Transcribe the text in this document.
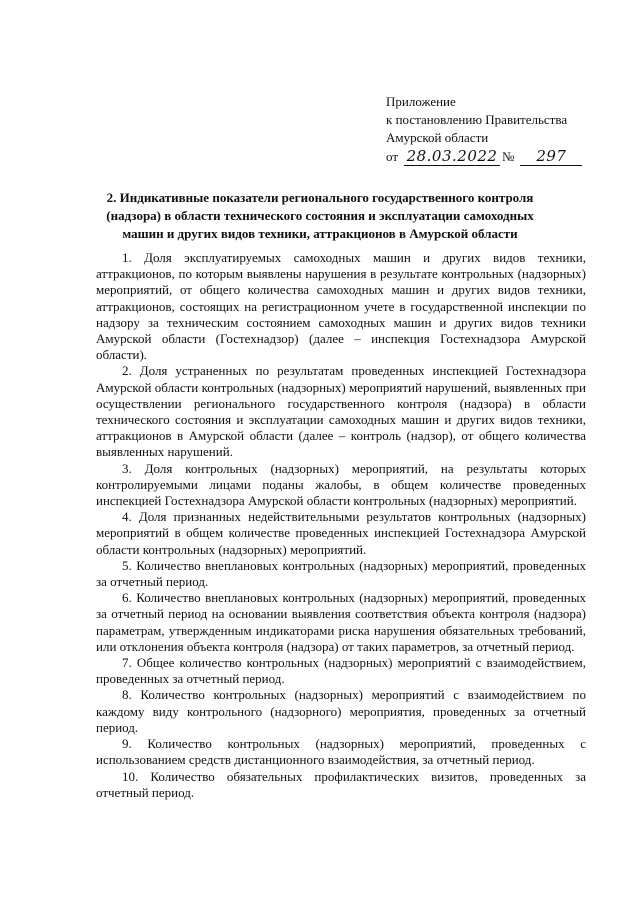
Приложение
к постановлению Правительства
Амурской области
от 28.03.2022 №	297
2. Индикативные показатели регионального государственного контроля (надзора) в области технического состояния и эксплуатации самоходных машин и других видов техники, аттракционов в Амурской области

1. Доля эксплуатируемых самоходных машин и других видов техники, аттракционов, по которым выявлены нарушения в результате контрольных (надзорных) мероприятий, от общего количества самоходных машин и других видов техники, аттракционов, состоящих на регистрационном учете в государственной инспекции по надзору за техническим состоянием самоходных машин и других видов техники Амурской области (Гостехнадзор) (далее – инспекция Гостехнадзора Амурской области).

2. Доля устраненных по результатам проведенных инспекцией Гостехнадзора Амурской области контрольных (надзорных) мероприятий нарушений, выявленных при осуществлении регионального государственного контроля (надзора) в области технического состояния и эксплуатации самоходных машин и других видов техники, аттракционов в Амурской области (далее – контроль (надзор), от общего количества выявленных нарушений.

3. Доля контрольных (надзорных) мероприятий, на результаты которых контролируемыми лицами поданы жалобы, в общем количестве проведенных инспекцией Гостехнадзора Амурской области контрольных (надзорных) мероприятий.

4. Доля признанных недействительными результатов контрольных (надзорных) мероприятий в общем количестве проведенных инспекцией Гостехнадзора Амурской области контрольных (надзорных) мероприятий.

5. Количество внеплановых контрольных (надзорных) мероприятий, проведенных за отчетный период.

6. Количество внеплановых контрольных (надзорных) мероприятий, проведенных за отчетный период на основании выявления соответствия объекта контроля (надзора) параметрам, утвержденным индикаторами риска нарушения обязательных требований, или отклонения объекта контроля (надзора) от таких параметров, за отчетный период.

7. Общее количество контрольных (надзорных) мероприятий с взаимодействием, проведенных за отчетный период.

8. Количество контрольных (надзорных) мероприятий с взаимодействием по каждому виду контрольного (надзорного) мероприятия, проведенных за отчетный период.

9. Количество контрольных (надзорных) мероприятий, проведенных с использованием средств дистанционного взаимодействия, за отчетный период.

10. Количество обязательных профилактических визитов, проведенных за отчетный период.
